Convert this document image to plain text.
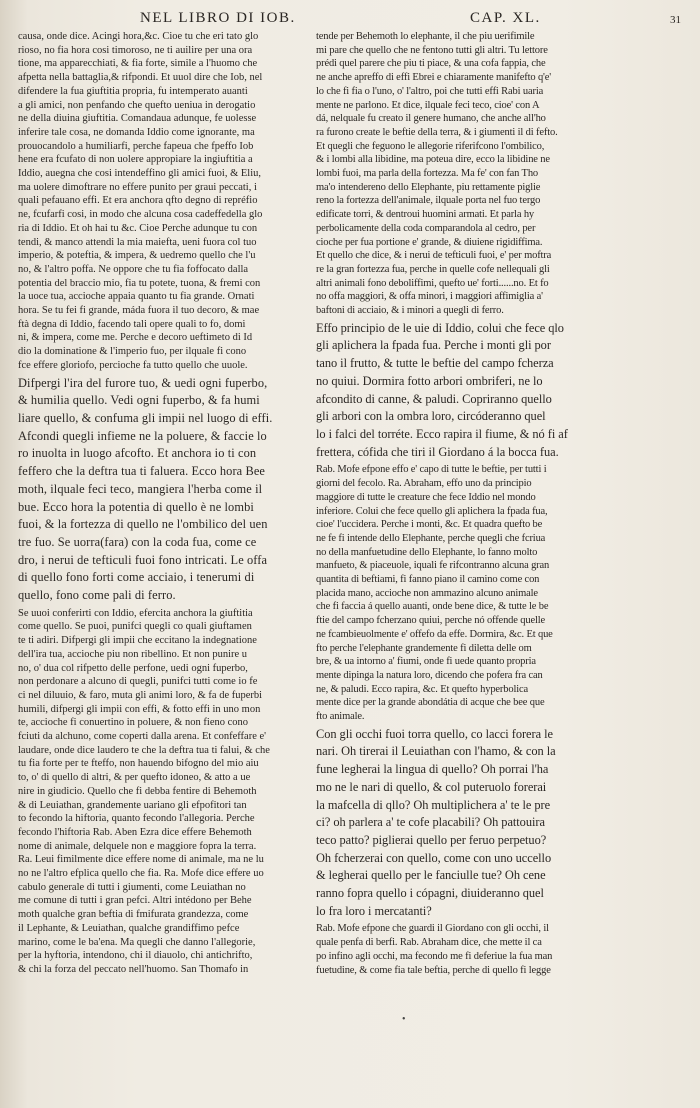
NEL LIBRO DI IOB.	CAP. XL.	31
causa, onde dice. Acingi hora,&c. Cioe tu che eri tato glo
rioso, no fia hora cosi timoroso, ne ti auilire per una ora
tione, ma apparecchiati, & fia forte, simile a l'huomo che
afpetta nella battaglia,& rifpondi. Et uuol dire che Iob, nel
difendere la fua giuftitia propria, fu intemperato auanti
a gli amici, non penfando che quefto ueniua in derogatio
ne della diuina giuftitia. Comandaua adunque, fe uolesse
inferire tale cosa, ne domanda Iddio come ignorante, ma
prouocandolo a humiliarfi, perche fapeua che fpeffo Iob
hene era fcufato di non uolere appropiare la ingiuftitia a
Iddio, auegna che cosi intendeffino gli amici fuoi, & Eliu,
ma uolere dimoftrare no effere punito per graui peccati, i
quali pefauano effi. Et era anchora qfto degno di repréfio
ne, fcufarfi cosi, in modo che alcuna cosa cadeffedella glo
ria di Iddio. Et oh hai tu &c. Cioe Perche adunque tu con
tendi, & manco attendi la mia maiefta, ueni fuora col tuo
imperio, & poteftia, & impera, & uedremo quello che l'u
no, & l'altro poffa. Ne oppore che tu fia foffocato dalla
potentia del braccio mio, fia tu potete, tuona, & fremi con
la uoce tua, accioche appaia quanto tu fia grande. Ornati
hora. Se tu fei fi grande, máda fuora il tuo decoro, & mae
ftà degna di Iddio, facendo tali opere quali to fo, domi
ni, & impera, come me. Perche e decoro ueftimeto di Id
dio la dominatione & l'imperio fuo, per ilquale fi cono
fce effere gloriofo, percioche fa tutto quello che uuole.
Difpergi l'ira del furore tuo, & uedi ogni fuperbo,
& humilia quello. Vedi ogni fuperbo, & fa humi
liare quello, & confuma gli impii nel luogo di effi.
Afcondi quegli infieme ne la poluere, & faccie lo
ro inuolta in luogo afcofto. Et anchora io ti con
feffero che la deftra tua ti faluera. Ecco hora Bee
moth, ilquale feci teco, mangiera l'herba come il
bue. Ecco hora la potentia di quello è ne lombi
fuoi, & la fortezza di quello ne l'ombilico del uen
tre fuo. Se uorra(fara) con la coda fua, come ce
dro, i nerui de tefticuli fuoi fono intricati. Le offa
di quello fono forti come acciaio, i tenerumi di
quello, fono come pali di ferro.
Se uuoi conferirti con Iddio, efercita anchora la giuftitia
come quello. Se puoi, punifci quegli co quali giuftamen
te ti adiri. Difpergi gli impii che eccitano la indegnatione
dell'ira tua, accioche piu non ribellino. Et non punire u
no, o' dua col rifpetto delle perfone, uedi ogni fuperbo,
non perdonare a alcuno di quegli, punifci tutti come io fe
ci nel diluuio, & faro, muta gli animi loro, & fa de fuperbi
humili, difpergi gli impii con effi, & fotto effi in uno mon
te, accioche fi conuertino in poluere, & non fieno cono
fciuti da alchuno, come coperti dalla arena. Et confeffare e'
laudare, onde dice laudero te che la deftra tua ti falui, & che
tu fia forte per te fteffo, non hauendo bifogno del mio aiu
to, o' di quello di altri, & per quefto idoneo, & atto a ue
nire in giudicio. Quello che fi debba fentire di Behemoth
& di Leuiathan, grandemente uariano gli efpofitori tan
to fecondo la hiftoria, quanto fecondo l'allegoria. Perche
fecondo l'hiftoria Rab. Aben Ezra dice effere Behemoth
nome di animale, delquele non e maggiore fopra la terra.
Ra. Leui fimilmente dice effere nome di animale, ma ne lu
no ne l'altro efplica quello che fia. Ra. Mofe dice effere uo
cabulo generale di tutti i giumenti, come Leuiathan no
me comune di tutti i gran pefci. Altri intédono per Behe
moth qualche gran beftia di fmifurata grandezza, come
il Lephante, & Leuiathan, qualche grandiffimo pefce
marino, come le ba'ena. Ma quegli che danno l'allegorie,
per la hyftoria, intendono, chi il diauolo, chi antichrifto,
& chi la forza del peccato nell'huomo. San Thomafo in
tende per Behemoth lo elephante, il che piu uerifimile
mi pare che quello che ne fentono tutti gli altri. Tu lettore
prédi quel parere che piu ti piace, & una cofa fappia, che
ne anche apreffo di effi Ebrei e chiaramente manifefto q'e'
lo che fi fia o l'uno, o' l'altro, poi che tutti effi Rabi uaria
mente ne parlono. Et dice, ilquale feci teco, cioe' con A
dá, nelquale fu creato il genere humano, che anche all'ho
ra furono create le beftie della terra, & i giumenti il di fefto.
Et quegli che feguono le allegorie riferifcono l'ombilico,
& i lombi alla libidine, ma poteua dire, ecco la libidine ne
lombi fuoi, ma parla della fortezza. Ma fe' con fan Tho
ma'o intendereno dello Elephante, piu rettamente piglie
reno la fortezza dell'animale, ilquale porta nel fuo tergo
edificate torri, & dentroui huomini armati. Et parla hy
perbolicamente della coda comparandola al cedro, per
cioche per fua portione e' grande, & diuiene rigidiffima.
Et quello che dice, & i nerui de tefticuli fuoi, e' per moftra
re la gran fortezza fua, perche in quelle cofe nellequali gli
altri animali fono deboliffimi, quefto ue' forti......no. Et fo
no offa maggiori, & offa minori, i maggiori affimiglia a'
baftoni di acciaio, & i minori a quegli di ferro.
Effo principio de le uie di Iddio, colui che fece qlo
gli aplichera la fpada fua. Perche i monti gli por
tano il frutto, & tutte le beftie del campo fcherza
no quiui. Dormira fotto arbori ombriferi, ne lo
afcondito di canne, & paludi. Copriranno quello
gli arbori con la ombra loro, circóderanno quel
lo i falci del torréte. Ecco rapira il fiume, & nó fi af
frettera, cófida che tiri il Giordano á la bocca fua.
Rab. Mofe efpone effo e' capo di tutte le beftie, per tutti i
giorni del fecolo. Ra. Abraham, effo uno da principio
maggiore di tutte le creature che fece Iddio nel mondo
inferiore. Colui che fece quello gli aplichera la fpada fua,
cioe' l'uccidera. Perche i monti, &c. Et quadra quefto be
ne fe fi intende dello Elephante, perche quegli che fcriua
no della manfuetudine dello Elephante, lo fanno molto
manfueto, & piaceuole, iquali fe rifcontranno alcuna gran
quantita di beftiami, fi fanno piano il camino come con
placida mano, accioche non ammazino alcuno animale
che fi faccia á quello auanti, onde bene dice, & tutte le be
ftie del campo fcherzano quiui, perche nó offende quelle
ne fcambieuolmente e' offefo da effe. Dormira, &c. Et que
fto perche l'elephante grandemente fi diletta delle om
bre, & ua intorno a' fiumi, onde fi uede quanto propria
mente dipinga la natura loro, dicendo che pofera fra can
ne, & paludi. Ecco rapira, &c. Et quefto hyperbolica
mente dice per la grande abondátia di acque che bee que
fto animale.
Con gli occhi fuoi torra quello, co lacci forera le
nari. Oh tirerai il Leuiathan con l'hamo, & con la
fune legherai la lingua di quello? Oh porrai l'ha
mo ne le nari di quello, & col puteruolo forerai
la mafcella di qllo? Oh multiplichera a' te le pre
ci? oh parlera a' te cofe placabili? Oh pattouira
teco patto? piglierai quello per feruo perpetuo?
Oh fcherzerai con quello, come con uno uccello
& legherai quello per le fanciulle tue? Oh cene
ranno fopra quello i cópagni, diuideranno quel
lo fra loro i mercatanti?
Rab. Mofe efpone che guardi il Giordano con gli occhi, il
quale penfa di berfi. Rab. Abraham dice, che mette il ca
po infino agli occhi, ma fecondo me fi deferiue la fua man
fuetudine, & come fia tale beftia, perche di quello fi legge
•
